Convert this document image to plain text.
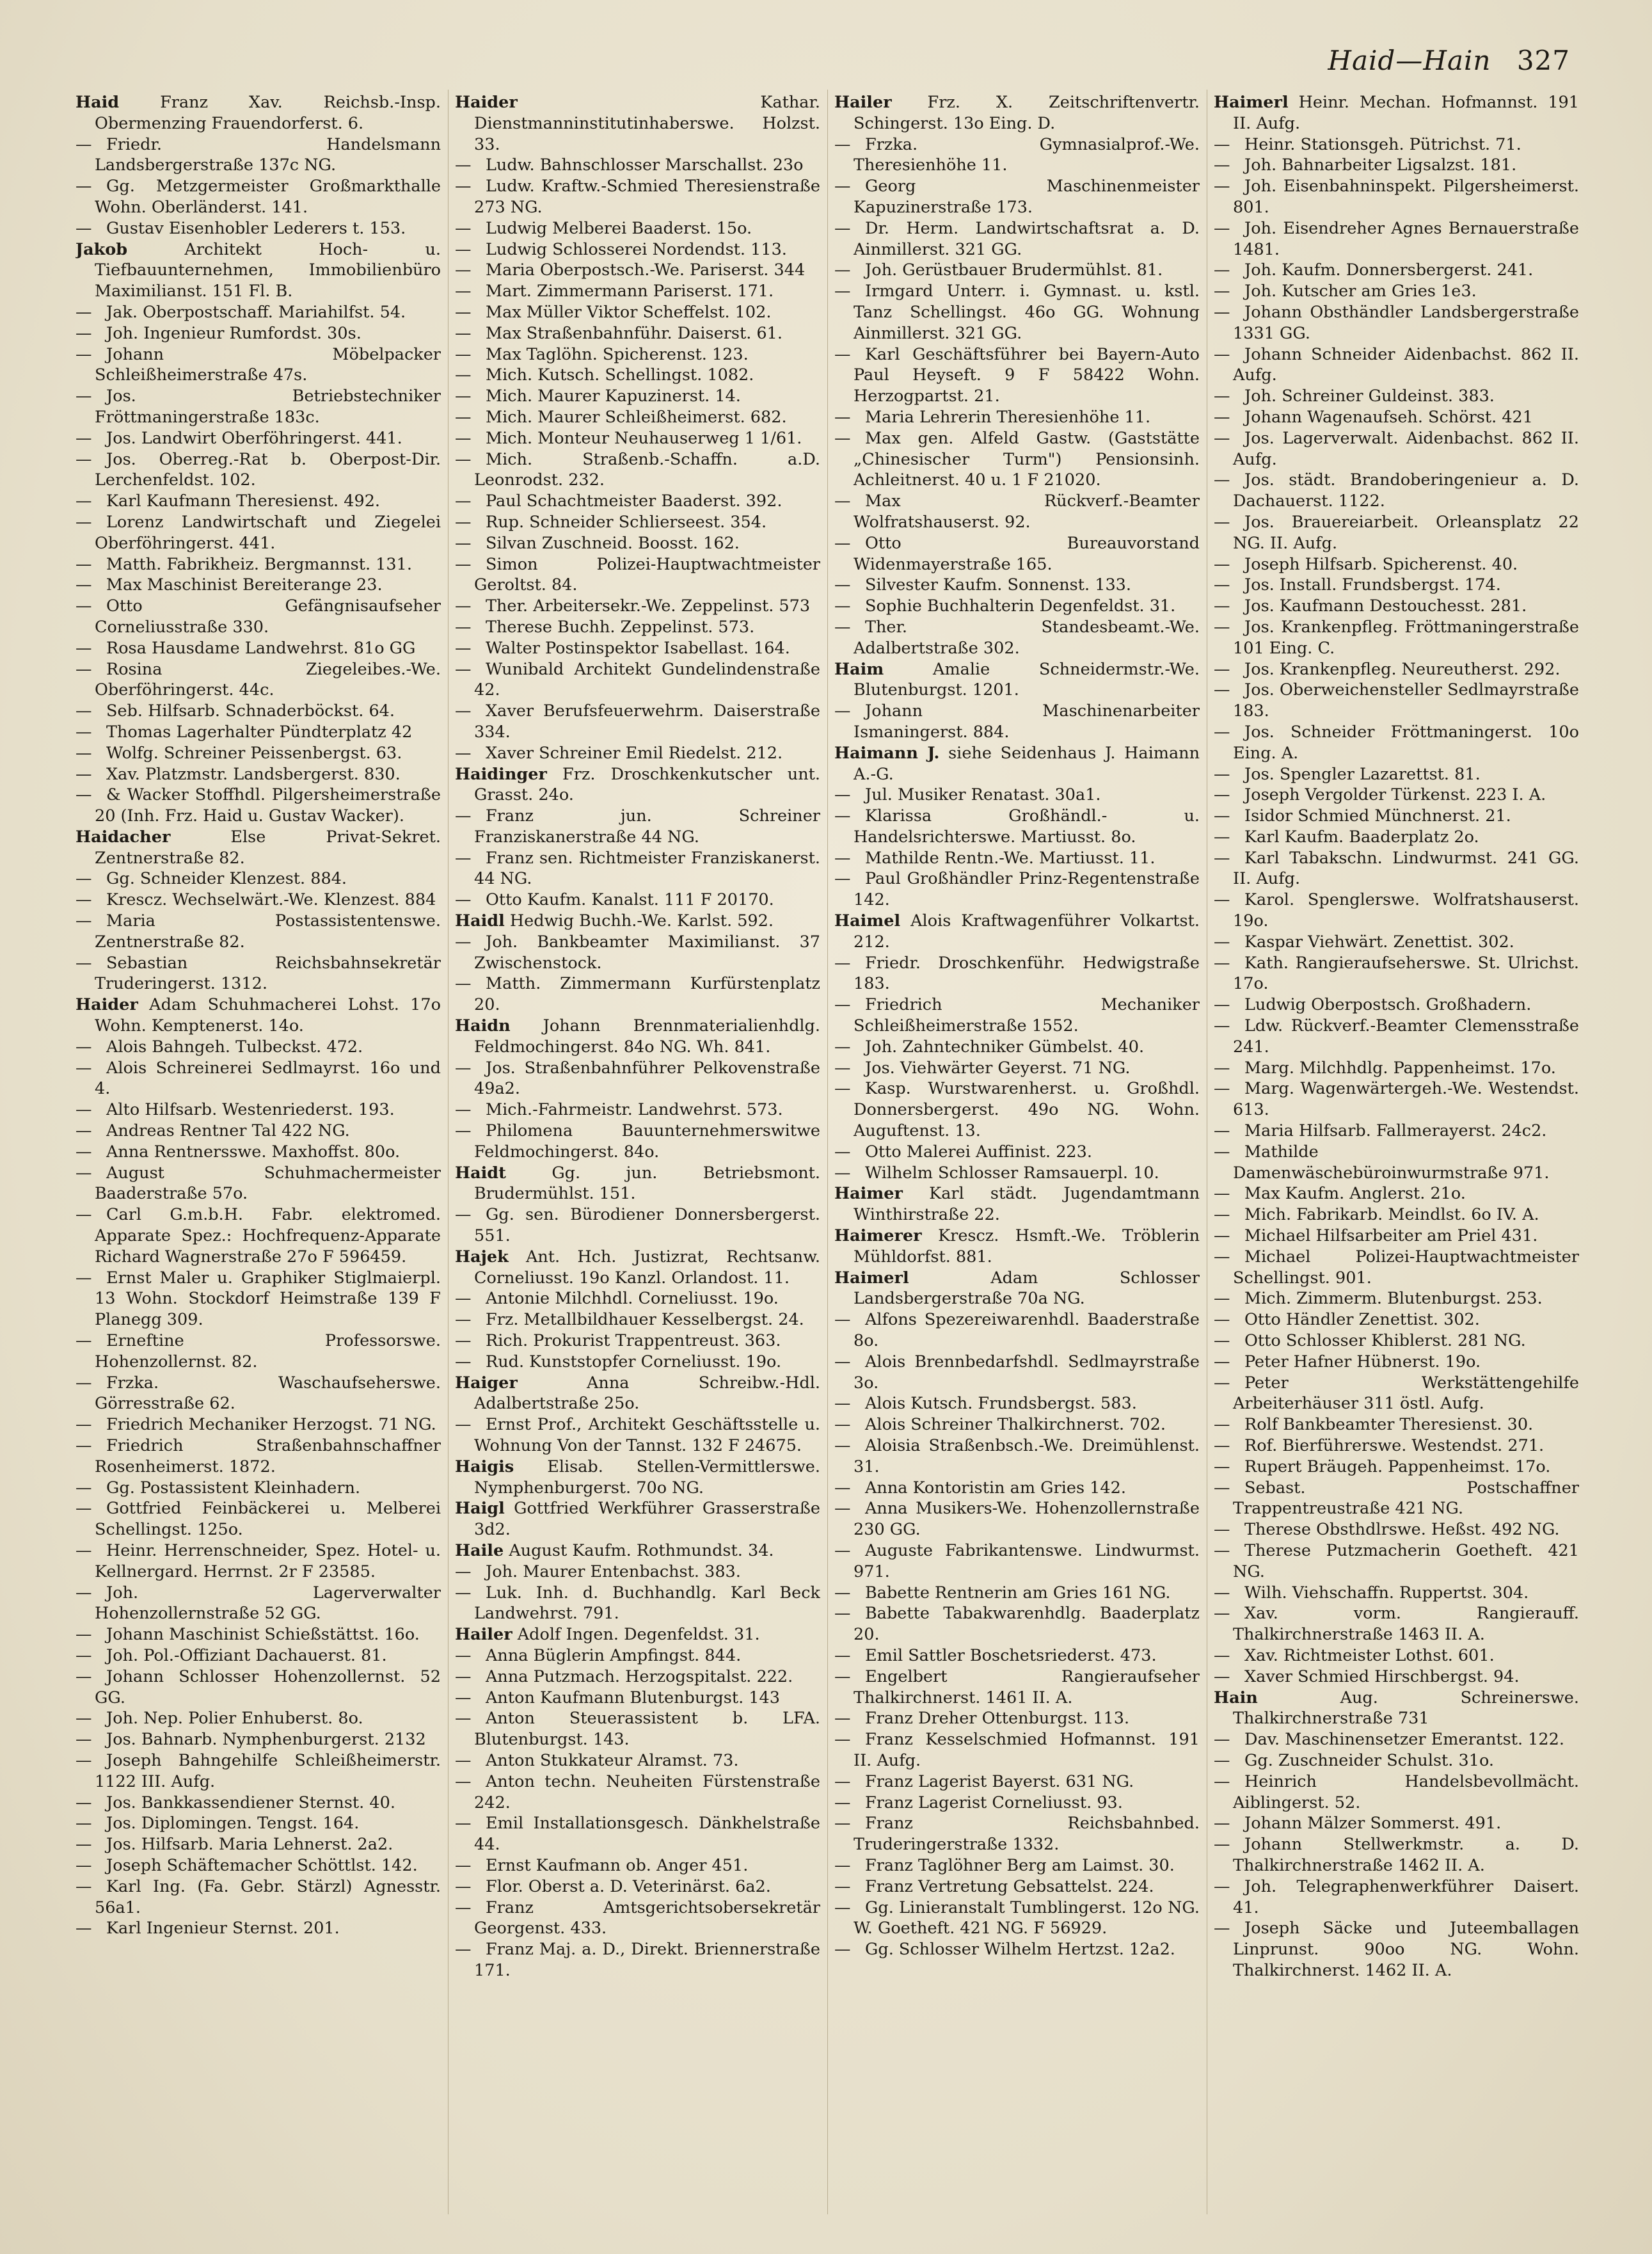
Haid—Hain 327
Haid Franz Xav. Reichsb.-Insp. Obermenzing Frauendorferst. 6.
— Friedr. Handelsmann Landsbergerstraße 137c NG.
— Gg. Metzgermeister Großmarkthalle Wohn. Oberländerst. 141.
— Gustav Eisenhobler Lederers t. 153.
Jakob Architekt Hoch- u. Tiefbauunternehmen, Immobilienbüro Maximilianst. 151 Fl. B.
— Jak. Oberpostschaff. Mariahilfst. 54.
— Joh. Ingenieur Rumfordst. 30s.
— Johann Möbelpacker Schleißheimerstraße 47s.
— Jos. Betriebstechniker Fröttmaningerstraße 183c.
— Jos. Landwirt Oberföhringerst. 441.
— Jos. Oberreg.-Rat b. Oberpost-Dir. Lerchenfeldst. 102.
— Karl Kaufmann Theresienst. 492.
— Lorenz Landwirtschaft und Ziegelei Oberföhringerst. 441.
— Matth. Fabrikheiz. Bergmannst. 131.
— Max Maschinist Bereiterange 23.
— Otto Gefängnisaufseher Corneliusstraße 330.
— Rosa Hausdame Landwehrst. 81o GG
— Rosina Ziegeleibes.-We. Oberföhringerst. 44c.
— Seb. Hilfsarb. Schnaderböckst. 64.
— Thomas Lagerhalter Pündterplatz 42
— Wolfg. Schreiner Peissenbergst. 63.
— Xav. Platzmstr. Landsbergerst. 830.
— & Wacker Stoffhdl. Pilgersheimerstraße 20 (Inh. Frz. Haid u. Gustav Wacker).
Haidacher Else Privat-Sekret. Zentnerstraße 82.
— Gg. Schneider Klenzest. 884.
— Krescz. Wechselwärt.-We. Klenzest. 884
— Maria Postassistentenswe. Zentnerstraße 82.
— Sebastian Reichsbahnsekretär Truderingerst. 1312.
Haider Adam Schuhmacherei Lohst. 17o Wohn. Kemptenerst. 14o.
— Alois Bahngeh. Tulbeckst. 472.
— Alois Schreinerei Sedlmayrst. 16o und 4.
— Alto Hilfsarb. Westenriederst. 193.
— Andreas Rentner Tal 422 NG.
— Anna Rentnersswe. Maxhoffst. 80o.
— August Schuhmachermeister Baaderstraße 57o.
— Carl G.m.b.H. Fabr. elektromed. Apparate Spez.: Hochfrequenz-Apparate Richard Wagnerstraße 27o F 596459.
— Ernst Maler u. Graphiker Stiglmaierpl. 13 Wohn. Stockdorf Heimstraße 139 F Planegg 309.
— Erneftine Professorswe. Hohenzollernst. 82.
— Frzka. Waschaufseherswe. Görresstraße 62.
— Friedrich Mechaniker Herzogst. 71 NG.
— Friedrich Straßenbahnschaffner Rosenheimerst. 1872.
— Gg. Postassistent Kleinhadern.
— Gottfried Feinbäckerei u. Melberei Schellingst. 125o.
— Heinr. Herrenschneider, Spez. Hotel- u. Kellnergard. Herrnst. 2r F 23585.
— Joh. Lagerverwalter Hohenzollernstraße 52 GG.
— Johann Maschinist Schießstättst. 16o.
— Joh. Pol.-Offiziant Dachauerst. 81.
— Johann Schlosser Hohenzollernst. 52 GG.
— Joh. Nep. Polier Enhuberst. 8o.
— Jos. Bahnarb. Nymphenburgerst. 2132
— Joseph Bahngehilfe Schleißheimerstr. 1122 III. Aufg.
— Jos. Bankkassendiener Sternst. 40.
— Jos. Diplomingen. Tengst. 164.
— Jos. Hilfsarb. Maria Lehnerst. 2a2.
— Joseph Schäftemacher Schöttlst. 142.
— Karl Ing. (Fa. Gebr. Stärzl) Agnesstr. 56a1.
— Karl Ingenieur Sternst. 201.
Haider Kathar. Dienstmanninstitutinhaberswe. Holzst. 33.
— Ludw. Bahnschlosser Marschallst. 23o
— Ludw. Kraftw.-Schmied Theresienstraße 273 NG.
— Ludwig Melberei Baaderst. 15o.
— Ludwig Schlosserei Nordendst. 113.
— Maria Oberpostsch.-We. Pariserst. 344
— Mart. Zimmermann Pariserst. 171.
— Max Müller Viktor Scheffelst. 102.
— Max Straßenbahnführ. Daiserst. 61.
— Max Taglöhn. Spicherenst. 123.
— Mich. Kutsch. Schellingst. 1082.
— Mich. Maurer Kapuzinerst. 14.
— Mich. Maurer Schleißheimerst. 682.
— Mich. Monteur Neuhauserweg 1 1/61.
— Mich. Straßenb.-Schaffn. a.D. Leonrodst. 232.
— Paul Schachtmeister Baaderst. 392.
— Rup. Schneider Schlierseest. 354.
— Silvan Zuschneid. Boosst. 162.
— Simon Polizei-Hauptwachtmeister Geroltst. 84.
— Ther. Arbeitersekr.-We. Zeppelinst. 573
— Therese Buchh. Zeppelinst. 573.
— Walter Postinspektor Isabellast. 164.
— Wunibald Architekt Gundelindenstraße 42.
— Xaver Berufsfeuerwehrm. Daiserstraße 334.
— Xaver Schreiner Emil Riedelst. 212.
Haidinger Frz. Droschkenkutscher unt. Grasst. 24o.
— Franz jun. Schreiner Franziskanerstraße 44 NG.
— Franz sen. Richtmeister Franziskanerst. 44 NG.
— Otto Kaufm. Kanalst. 111 F 20170.
Haidl Hedwig Buchh.-We. Karlst. 592.
— Joh. Bankbeamter Maximilianst. 37 Zwischenstock.
— Matth. Zimmermann Kurfürstenplatz 20.
Haidn Johann Brennmaterialienhdlg. Feldmochingerst. 84o NG. Wh. 841.
— Jos. Straßenbahnführer Pelkovenstraße 49a2.
— Mich.-Fahrmeistr. Landwehrst. 573.
— Philomena Bauunternehmerswitwe Feldmochingerst. 84o.
Haidt Gg. jun. Betriebsmont. Brudermühlst. 151.
— Gg. sen. Bürodiener Donnersbergerst. 551.
Hajek Ant. Hch. Justizrat, Rechtsanw. Corneliusst. 19o Kanzl. Orlandost. 11.
— Antonie Milchhdl. Corneliusst. 19o.
— Frz. Metallbildhauer Kesselbergst. 24.
— Rich. Prokurist Trappentreust. 363.
— Rud. Kunststopfer Corneliusst. 19o.
Haiger Anna Schreibw.-Hdl. Adalbertstraße 25o.
— Ernst Prof., Architekt Geschäftsstelle u. Wohnung Von der Tannst. 132 F 24675.
Haigis Elisab. Stellen-Vermittlerswe. Nymphenburgerst. 70o NG.
Haigl Gottfried Werkführer Grasserstraße 3d2.
Haile August Kaufm. Rothmundst. 34.
— Joh. Maurer Entenbachst. 383.
— Luk. Inh. d. Buchhandlg. Karl Beck Landwehrst. 791.
Hailer Adolf Ingen. Degenfeldst. 31.
— Anna Büglerin Ampfingst. 844.
— Anna Putzmach. Herzogspitalst. 222.
— Anton Kaufmann Blutenburgst. 143
— Anton Steuerassistent b. LFA. Blutenburgst. 143.
— Anton Stukkateur Alramst. 73.
— Anton techn. Neuheiten Fürstenstraße 242.
— Emil Installationsgesch. Dänkhelstraße 44.
— Ernst Kaufmann ob. Anger 451.
— Flor. Oberst a. D. Veterinärst. 6a2.
— Franz Amtsgerichtsobersekretär Georgenst. 433.
— Franz Maj. a. D., Direkt. Briennerstraße 171.
Hailer Frz. X. Zeitschriftenvertr. Schingerst. 13o Eing. D.
— Frzka. Gymnasialprof.-We. Theresienhöhe 11.
— Georg Maschinenmeister Kapuzinerstraße 173.
— Dr. Herm. Landwirtschaftsrat a. D. Ainmillerst. 321 GG.
— Joh. Gerüstbauer Brudermühlst. 81.
— Irmgard Unterr. i. Gymnast. u. kstl. Tanz Schellingst. 46o GG. Wohnung Ainmillerst. 321 GG.
— Karl Geschäftsführer bei Bayern-Auto Paul Heyseft. 9 F 58422 Wohn. Herzogpartst. 21.
— Maria Lehrerin Theresienhöhe 11.
— Max gen. Alfeld Gastw. (Gaststätte „Chinesischer Turm") Pensionsinh. Achleitnerst. 40 u. 1 F 21020.
— Max Rückverf.-Beamter Wolfratshauserst. 92.
— Otto Bureauvorstand Widenmayerstraße 165.
— Silvester Kaufm. Sonnenst. 133.
— Sophie Buchhalterin Degenfeldst. 31.
— Ther. Standesbeamt.-We. Adalbertstraße 302.
Haim Amalie Schneidermstr.-We. Blutenburgst. 1201.
— Johann Maschinenarbeiter Ismaningerst. 884.
Haimann J. siehe Seidenhaus J. Haimann A.-G.
— Jul. Musiker Renatast. 30a1.
— Klarissa Großhändl.- u. Handelsrichterswe. Martiusst. 8o.
— Mathilde Rentn.-We. Martiusst. 11.
— Paul Großhändler Prinz-Regentenstraße 142.
Haimel Alois Kraftwagenführer Volkartst. 212.
— Friedr. Droschkenführ. Hedwigstraße 183.
— Friedrich Mechaniker Schleißheimerstraße 1552.
— Joh. Zahntechniker Gümbelst. 40.
— Jos. Viehwärter Geyerst. 71 NG.
— Kasp. Wurstwarenherst. u. Großhdl. Donnersbergerst. 49o NG. Wohn. Auguftenst. 13.
— Otto Malerei Auffinist. 223.
— Wilhelm Schlosser Ramsauerpl. 10.
Haimer Karl städt. Jugendamtmann Winthirstraße 22.
Haimerer Krescz. Hsmft.-We. Tröblerin Mühldorfst. 881.
Haimerl Adam Schlosser Landsbergerstraße 70a NG.
— Alfons Spezereiwarenhdl. Baaderstraße 8o.
— Alois Brennbedarfshdl. Sedlmayrstraße 3o.
— Alois Kutsch. Frundsbergst. 583.
— Alois Schreiner Thalkirchnerst. 702.
— Aloisia Straßenbsch.-We. Dreimühlenst. 31.
— Anna Kontoristin am Gries 142.
— Anna Musikers-We. Hohenzollernstraße 230 GG.
— Auguste Fabrikantenswe. Lindwurmst. 971.
— Babette Rentnerin am Gries 161 NG.
— Babette Tabakwarenhdlg. Baaderplatz 20.
— Emil Sattler Boschetsriederst. 473.
— Engelbert Rangieraufseher Thalkirchnerst. 1461 II. A.
— Franz Dreher Ottenburgst. 113.
— Franz Kesselschmied Hofmannst. 191 II. Aufg.
— Franz Lagerist Bayerst. 631 NG.
— Franz Lagerist Corneliusst. 93.
— Franz Reichsbahnbed. Truderingerstraße 1332.
— Franz Taglöhner Berg am Laimst. 30.
— Franz Vertretung Gebsattelst. 224.
— Gg. Linieranstalt Tumblingerst. 12o NG. W. Goetheft. 421 NG. F 56929.
— Gg. Schlosser Wilhelm Hertzst. 12a2.
Haimerl Heinr. Mechan. Hofmannst. 191 II. Aufg.
— Heinr. Stationsgeh. Pütrichst. 71.
— Joh. Bahnarbeiter Ligsalzst. 181.
— Joh. Eisenbahninspekt. Pilgersheimerst. 801.
— Joh. Eisendreher Agnes Bernauerstraße 1481.
— Joh. Kaufm. Donnersbergerst. 241.
— Joh. Kutscher am Gries 1e3.
— Johann Obsthändler Landsbergerstraße 1331 GG.
— Johann Schneider Aidenbachst. 862 II. Aufg.
— Joh. Schreiner Guldeinst. 383.
— Johann Wagenaufseh. Schörst. 421
— Jos. Lagerverwalt. Aidenbachst. 862 II. Aufg.
— Jos. städt. Brandoberingenieur a. D. Dachauerst. 1122.
— Jos. Brauereiarbeit. Orleansplatz 22 NG. II. Aufg.
— Joseph Hilfsarb. Spicherenst. 40.
— Jos. Install. Frundsbergst. 174.
— Jos. Kaufmann Destouchesst. 281.
— Jos. Krankenpfleg. Fröttmaningerstraße 101 Eing. C.
— Jos. Krankenpfleg. Neureutherst. 292.
— Jos. Oberweichensteller Sedlmayrstraße 183.
— Jos. Schneider Fröttmaningerst. 10o Eing. A.
— Jos. Spengler Lazarettst. 81.
— Joseph Vergolder Türkenst. 223 I. A.
— Isidor Schmied Münchnerst. 21.
— Karl Kaufm. Baaderplatz 2o.
— Karl Tabakschn. Lindwurmst. 241 GG. II. Aufg.
— Karol. Spenglerswe. Wolfratshauserst. 19o.
— Kaspar Viehwärt. Zenettist. 302.
— Kath. Rangieraufseherswe. St. Ulrichst. 17o.
— Ludwig Oberpostsch. Großhadern.
— Ldw. Rückverf.-Beamter Clemensstraße 241.
— Marg. Milchhdlg. Pappenheimst. 17o.
— Marg. Wagenwärtergeh.-We. Westendst. 613.
— Maria Hilfsarb. Fallmerayerst. 24c2.
— Mathilde Damenwäschebüroinwurmstraße 971.
— Max Kaufm. Anglerst. 21o.
— Mich. Fabrikarb. Meindlst. 6o IV. A.
— Michael Hilfsarbeiter am Priel 431.
— Michael Polizei-Hauptwachtmeister Schellingst. 901.
— Mich. Zimmerm. Blutenburgst. 253.
— Otto Händler Zenettist. 302.
— Otto Schlosser Khiblerst. 281 NG.
— Peter Hafner Hübnerst. 19o.
— Peter Werkstättengehilfe Arbeiterhäuser 311 östl. Aufg.
— Rolf Bankbeamter Theresienst. 30.
— Rof. Bierführerswe. Westendst. 271.
— Rupert Bräugeh. Pappenheimst. 17o.
— Sebast. Postschaffner Trappentreustraße 421 NG.
— Therese Obsthdlrswe. Heßst. 492 NG.
— Therese Putzmacherin Goetheft. 421 NG.
— Wilh. Viehschaffn. Ruppertst. 304.
— Xav. vorm. Rangierauff. Thalkirchnerstraße 1463 II. A.
— Xav. Richtmeister Lothst. 601.
— Xaver Schmied Hirschbergst. 94.
Hain Aug. Schreinerswe. Thalkirchnerstraße 731
— Dav. Maschinensetzer Emerantst. 122.
— Gg. Zuschneider Schulst. 31o.
— Heinrich Handelsbevollmächt. Aiblingerst. 52.
— Johann Mälzer Sommerst. 491.
— Johann Stellwerkmstr. a. D. Thalkirchnerstraße 1462 II. A.
— Joh. Telegraphenwerkführer Daisert. 41.
— Joseph Säcke und Juteemballagen Linprunst. 90oo NG. Wohn. Thalkirchnerst. 1462 II. A.
